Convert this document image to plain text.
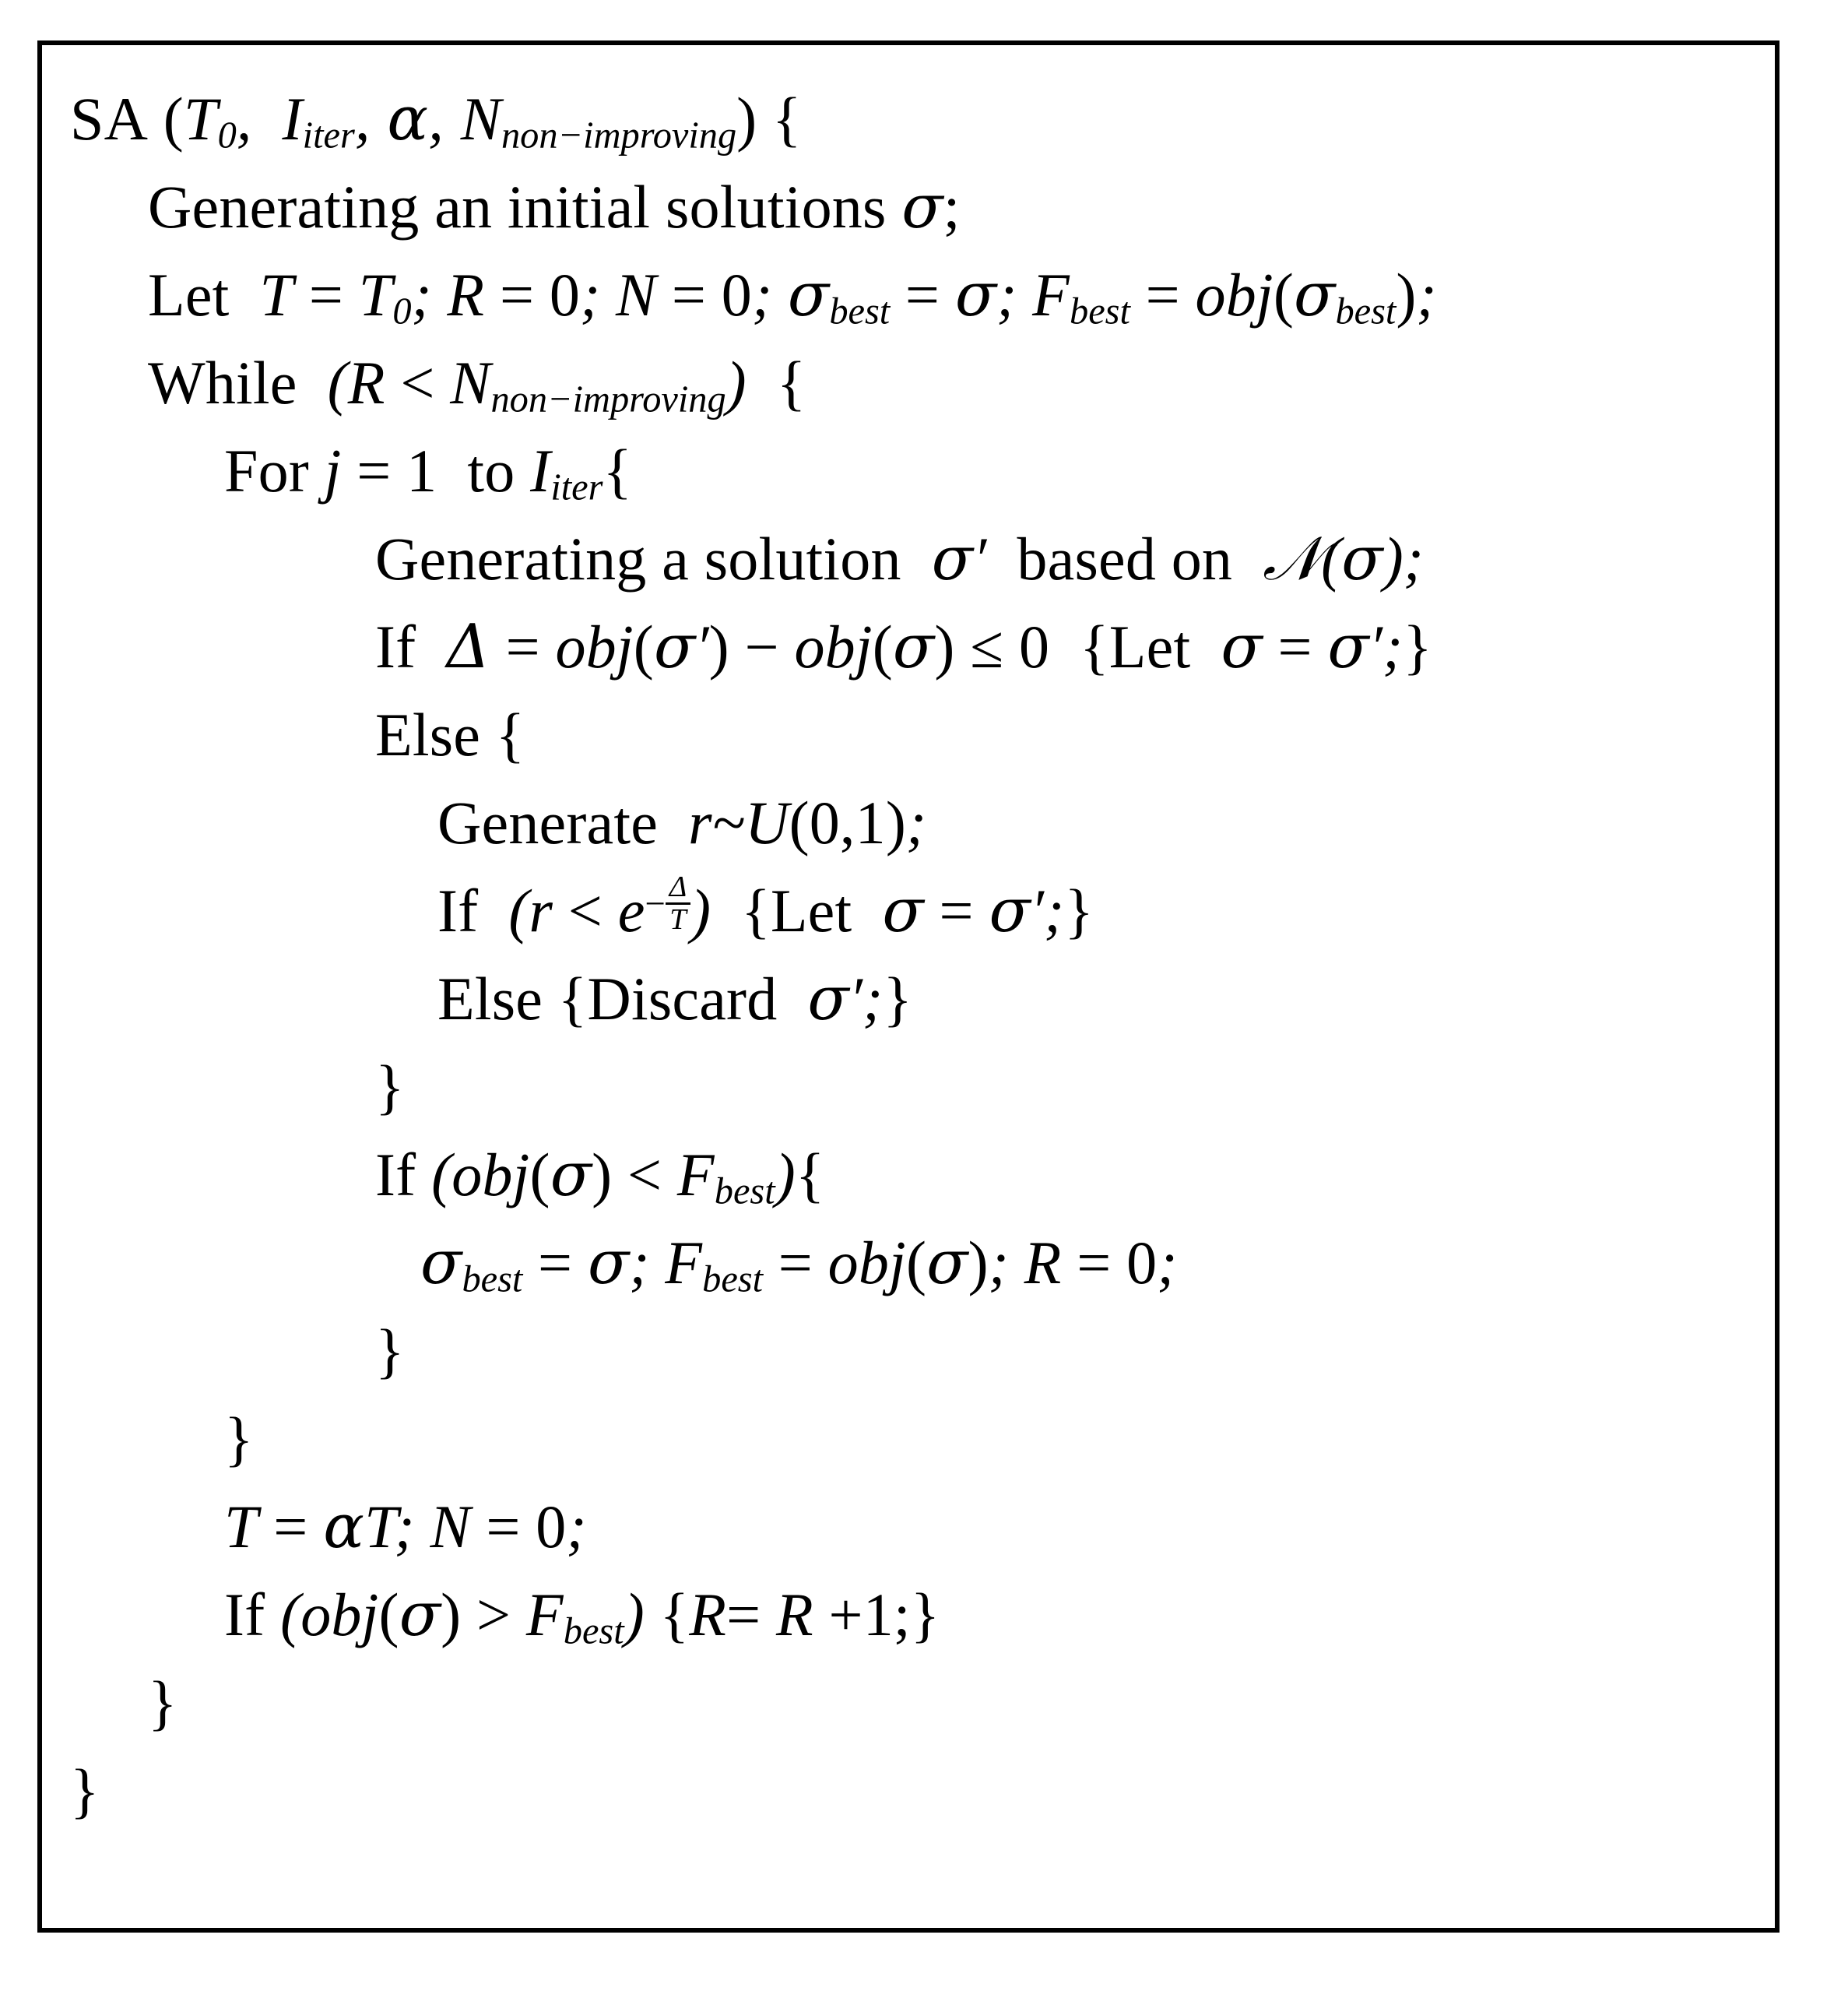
SA ($T_0$, $I_{iter}$, α, $N_{non-improving}$) {
Generating an initial solutions σ;
Let $T = T_0$; R = 0; N = 0; $\sigma_{best} = \sigma$; $F_{best} = obj(\sigma_{best})$;
While $(R < N_{non-improving})$ {
For j = 1 to $I_{iter}${
Generating a solution σ′ based on 𝒩(σ);
If Δ = obj(σ′) − obj(σ) ≤ 0 {Let σ = σ′;}
Else {
Generate r~U(0,1);
If ($r < e- \frac{\Delta}{T}$ ) {Let σ = σ′;}
Else {Discard σ′;}
}
If $(obj(\sigma) < F_{best})${
$\sigma_{best} = \sigma$; $F_{best} = obj(\sigma)$; R = 0;
}
}
T = αT; N = 0;
If $(obj(\sigma) > F_{best})$ {R= R +1;}
}
}
